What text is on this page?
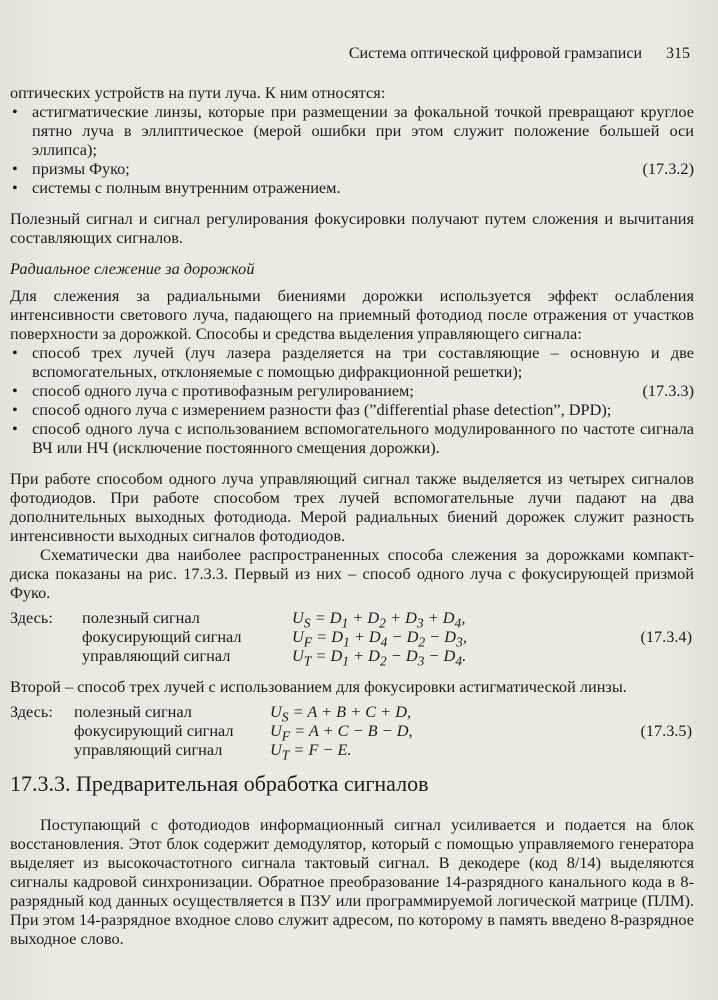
Система оптической цифровой грамзаписи 315

оптических устройств на пути луча. К ним относятся:

• астигматические линзы, которые при размещении за фокальной точкой превращают круглое пятно луча в эллиптическое (мерой ошибки при этом служит положение большей оси эллипса);
•	(17.3.2)
призмы Фуко;
• системы с полным внутренним отражением.

Полезный сигнал и сигнал регулирования фокусировки получают путем сложения и вычитания составляющих сигналов.

Радиальное слежение за дорожкой

Для слежения за радиальными биениями дорожки используется эффект ослабления интенсивности светового луча, падающего на приемный фотодиод после отражения от участков поверхности за дорожкой. Способы и средства выделения управляющего сигнала:

• способ трех лучей (луч лазера разделяется на три составляющие – основную и две вспомогательных, отклоняемые с помощью дифракционной решетки);
•	(17.3.3)
способ одного луча с противофазным регулированием;
• способ одного луча с измерением разности фаз (”differential phase detection”, DPD);
• способ одного луча с использованием вспомогательного модулированного по частоте сигнала ВЧ или НЧ (исключение постоянного смещения дорожки).

При работе способом одного луча управляющий сигнал также выделяется из четырех сигналов фотодиодов. При работе способом трех лучей вспомогательные лучи падают на два дополнительных выходных фотодиода. Мерой радиальных биений дорожек служит разность интенсивности выходных сигналов фотодиодов.

Схематически два наиболее распространенных способа слежения за дорожками компакт-диска показаны на рис. 17.3.3. Первый из них – способ одного луча с фокусирующей призмой Фуко.

Здесь:	полезный сигнал	$U_S = D_1 + D_2 + D_3 + D_4$,
фокусирующий сигнал	$U_F = D_1 + D_4 - D_2 - D_3$,
управляющий сигнал	$U_T = D_1 + D_2 - D_3 - D_4$.
(17.3.4)

Второй – способ трех лучей с использованием для фокусировки астигматической линзы.

Здесь:	полезный сигнал	$U_S = A + B + C + D$,
фокусирующий сигнал	$U_F = A + C - B - D$,
управляющий сигнал	$U_T = F - E$.
(17.3.5)
17.3.3. Предварительная обработка сигналов

Поступающий с фотодиодов информационный сигнал усиливается и подается на блок восстановления. Этот блок содержит демодулятор, который с помощью управляемого генератора выделяет из высокочастотного сигнала тактовый сигнал. В декодере (код 8/14) выделяются сигналы кадровой синхронизации. Обратное преобразование 14-разрядного канального кода в 8-разрядный код данных осуществляется в ПЗУ или программируемой логической матрице (ПЛМ). При этом 14-разрядное входное слово служит адресом, по которому в память введено 8-разрядное выходное слово.
